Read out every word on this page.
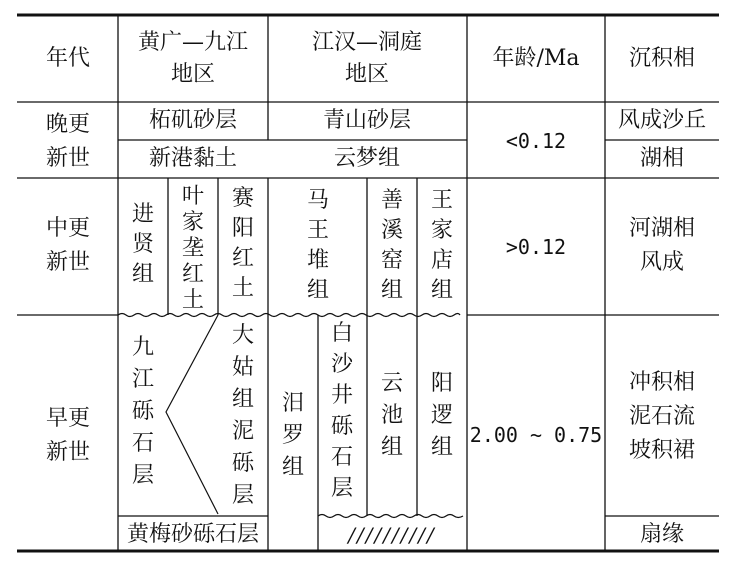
年代
黄广—九江
地区
江汉—洞庭
地区
年龄/Ma 沉积相
晚更
新世
柘矶砂层
新港黏土
青山砂层
云梦组
<0.12
风成沙丘
湖相
中更
新世
进贤组
叶家垄红土
赛阳红土
马王堆组
善溪窑组
王家店组
>0.12
河湖相
风成
早更
新世
九江砾石层
大姑组泥砾层
黄梅砂砾石层
汨罗组
白沙井砾石层
云池组
阳逻组
//////////
2.00 ~ 0.75
冲积相
泥石流
坡积裙
扇缘
